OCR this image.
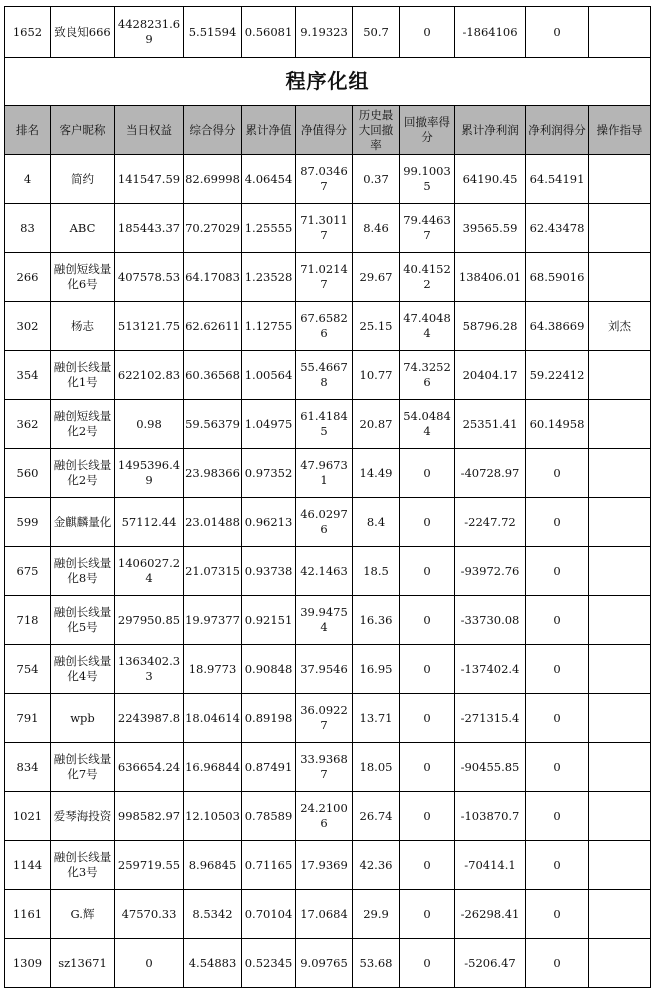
1652	致良知666	4428231.69	5.51594	0.56081	9.19323	50.7	0	-1864106	0	
程序化组										
排名	客户昵称	当日权益	综合得分	累计净值	净值得分	历史最大回撤率	回撤率得分	累计净利润	净利润得分	操作指导
4	简约	141547.59	82.69998	4.06454	87.03467	0.37	99.10035	64190.45	64.54191	
83	ABC	185443.37	70.27029	1.25555	71.30117	8.46	79.44637	39565.59	62.43478	
266	融创短线量化6号	407578.53	64.17083	1.23528	71.02147	29.67	40.41522	138406.01	68.59016	
302	杨志	513121.75	62.62611	1.12755	67.65826	25.15	47.40484	58796.28	64.38669	刘杰
354	融创长线量化1号	622102.83	60.36568	1.00564	55.46678	10.77	74.32526	20404.17	59.22412	
362	融创短线量化2号	0.98	59.56379	1.04975	61.41845	20.87	54.04844	25351.41	60.14958	
560	融创长线量化2号	1495396.49	23.98366	0.97352	47.96731	14.49	0	-40728.97	0	
599	金麒麟量化	57112.44	23.01488	0.96213	46.02976	8.4	0	-2247.72	0	
675	融创长线量化8号	1406027.24	21.07315	0.93738	42.1463	18.5	0	-93972.76	0	
718	融创长线量化5号	297950.85	19.97377	0.92151	39.94754	16.36	0	-33730.08	0	
754	融创长线量化4号	1363402.33	18.9773	0.90848	37.9546	16.95	0	-137402.4	0	
791	wpb	2243987.8	18.04614	0.89198	36.09227	13.71	0	-271315.4	0	
834	融创长线量化7号	636654.24	16.96844	0.87491	33.93687	18.05	0	-90455.85	0	
1021	爱琴海投资	998582.97	12.10503	0.78589	24.21006	26.74	0	-103870.7	0	
1144	融创长线量化3号	259719.55	8.96845	0.71165	17.9369	42.36	0	-70414.1	0	
1161	G.辉	47570.33	8.5342	0.70104	17.0684	29.9	0	-26298.41	0	
1309	sz13671	0	4.54883	0.52345	9.09765	53.68	0	-5206.47	0	
